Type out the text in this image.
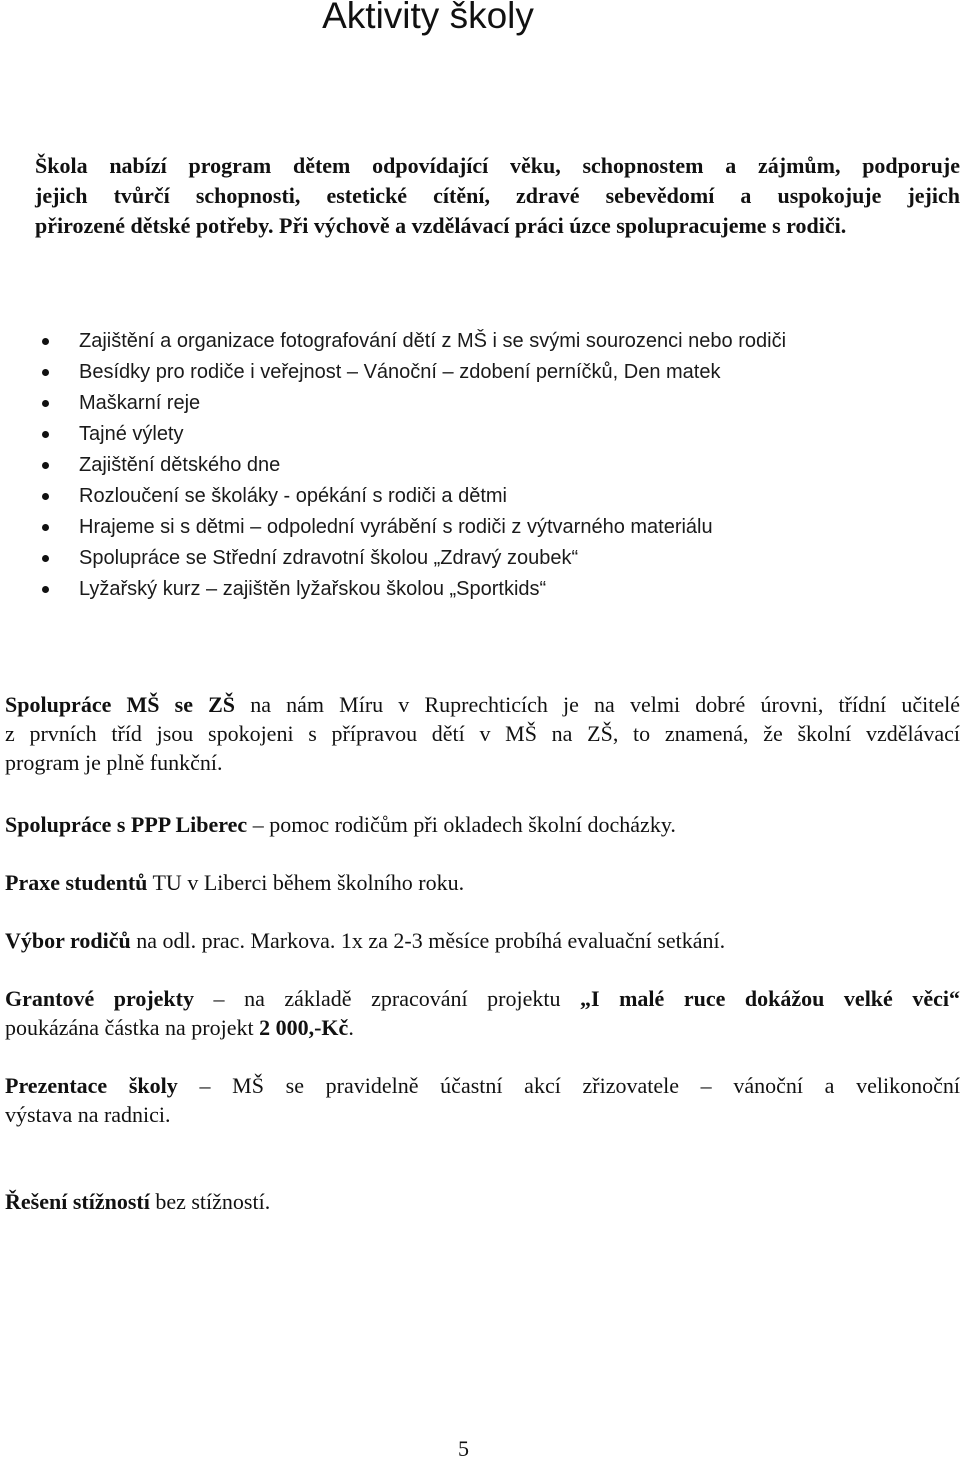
Aktivity školy

Škola nabízí program dětem odpovídající věku, schopnostem a zájmům, podporuje
jejich tvůrčí schopnosti, estetické cítění, zdravé sebevědomí a uspokojuje jejich
přirozené dětské potřeby. Při výchově a vzdělávací práci úzce spolupracujeme s rodiči.

Zajištění a organizace fotografování dětí z MŠ i se svými sourozenci nebo rodiči
Besídky pro rodiče i veřejnost – Vánoční – zdobení perníčků, Den matek
Maškarní reje
Tajné výlety
Zajištění dětského dne
Rozloučení se školáky - opékání s rodiči a dětmi
Hrajeme si s dětmi – odpolední vyrábění s rodiči z výtvarného materiálu
Spolupráce se Střední zdravotní školou „Zdravý zoubek“
Lyžařský kurz – zajištěn lyžařskou školou „Sportkids“

Spolupráce MŠ se ZŠ na nám Míru v Ruprechticích je na velmi dobré úrovni, třídní učitelé
z prvních tříd jsou spokojeni s přípravou dětí v MŠ na ZŠ, to znamená, že školní vzdělávací
program je plně funkční.

Spolupráce s PPP Liberec – pomoc rodičům při okladech školní docházky.

Praxe studentů TU v Liberci během školního roku.

Výbor rodičů na odl. prac. Markova. 1x za 2-3 měsíce probíhá evaluační setkání.

Grantové projekty – na základě zpracování projektu „I malé ruce dokážou velké věci“
poukázána částka na projekt 2 000,-Kč.

Prezentace školy – MŠ se pravidelně účastní akcí zřizovatele – vánoční a velikonoční
výstava na radnici.

Řešení stížností bez stížností.

5
